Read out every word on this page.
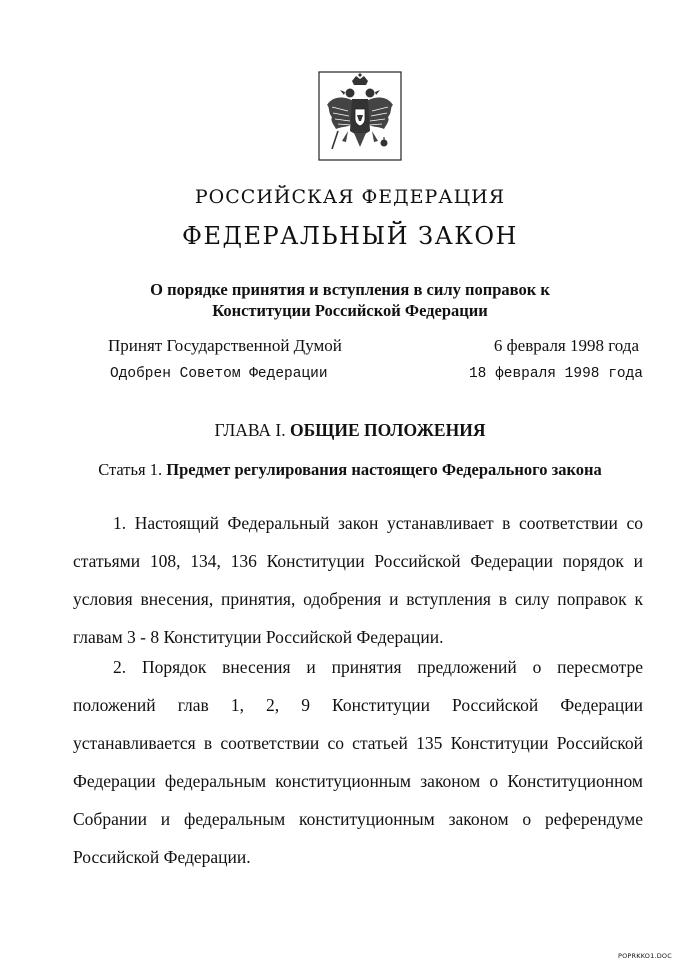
РОССИЙСКАЯ ФЕДЕРАЦИЯ
ФЕДЕРАЛЬНЫЙ ЗАКОН
О порядке принятия и вступления в силу поправок к
Конституции Российской Федерации
Принят Государственной Думой	6 февраля 1998 года
Одобрен Советом Федерации	18 февраля 1998 года
ГЛАВА I. ОБЩИЕ ПОЛОЖЕНИЯ
Статья 1. Предмет регулирования настоящего Федерального закона

1. Настоящий Федеральный закон устанавливает в соответствии со статьями 108, 134, 136 Конституции Российской Федерации порядок и условия внесения, принятия, одобрения и вступления в силу поправок к главам 3 - 8 Конституции Российской Федерации.

2. Порядок внесения и принятия предложений о пересмотре положений глав 1, 2, 9 Конституции Российской Федерации устанавливается в соответствии со статьей 135 Конституции Российской Федерации федеральным конституционным законом о Конституционном Собрании и федеральным конституционным законом о референдуме Российской Федерации.

POPRKKO1.DOC
